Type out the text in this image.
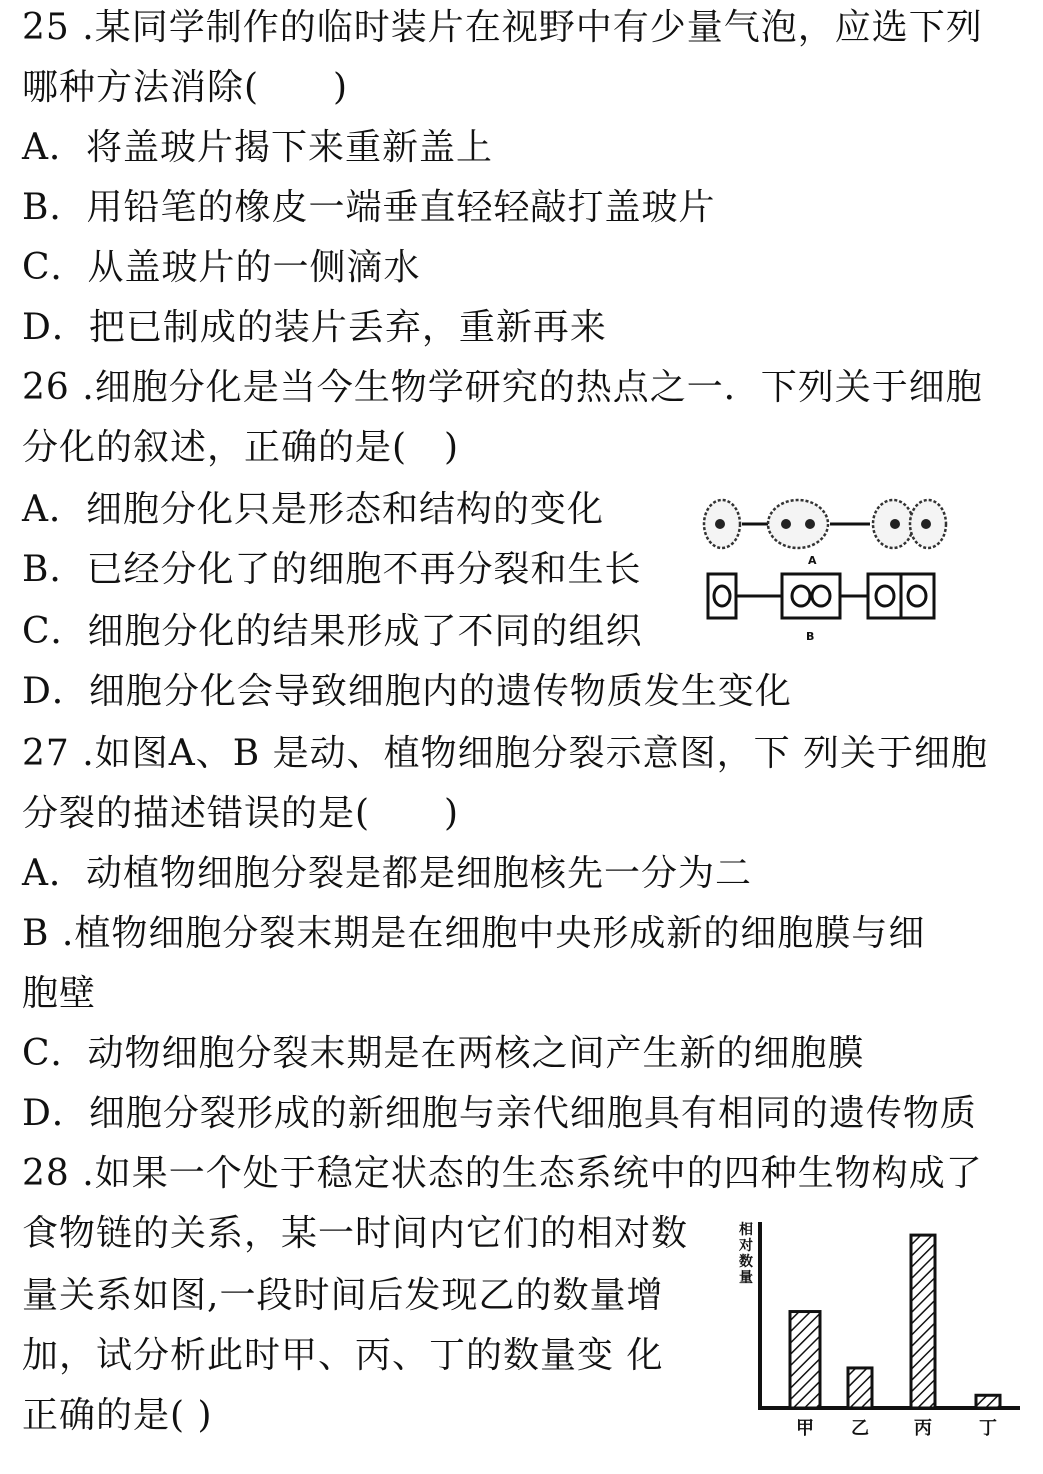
25 .某同学制作的临时装片在视野中有少量气泡，应选下列
哪种方法消除(　　)
A．将盖玻片揭下来重新盖上
B．用铅笔的橡皮一端垂直轻轻敲打盖玻片
C．从盖玻片的一侧滴水
D．把已制成的装片丢弃，重新再来
26 .细胞分化是当今生物学研究的热点之一．下列关于细胞
分化的叙述，正确的是(　)
A．细胞分化只是形态和结构的变化
B．已经分化了的细胞不再分裂和生长
C．细胞分化的结果形成了不同的组织
D．细胞分化会导致细胞内的遗传物质发生变化
A
B
27 .如图A、B 是动、植物细胞分裂示意图，下 列关于细胞
分裂的描述错误的是(　　)
A．动植物细胞分裂是都是细胞核先一分为二
B .植物细胞分裂末期是在细胞中央形成新的细胞膜与细
胞壁
C．动物细胞分裂末期是在两核之间产生新的细胞膜
D．细胞分裂形成的新细胞与亲代细胞具有相同的遗传物质
28 .如果一个处于稳定状态的生态系统中的四种生物构成了
食物链的关系，某一时间内它们的相对数
量关系如图,一段时间后发现乙的数量增
加，试分析此时甲、丙、丁的数量变 化
正确的是( )
相
对
数
量
甲 乙	丙	丁
